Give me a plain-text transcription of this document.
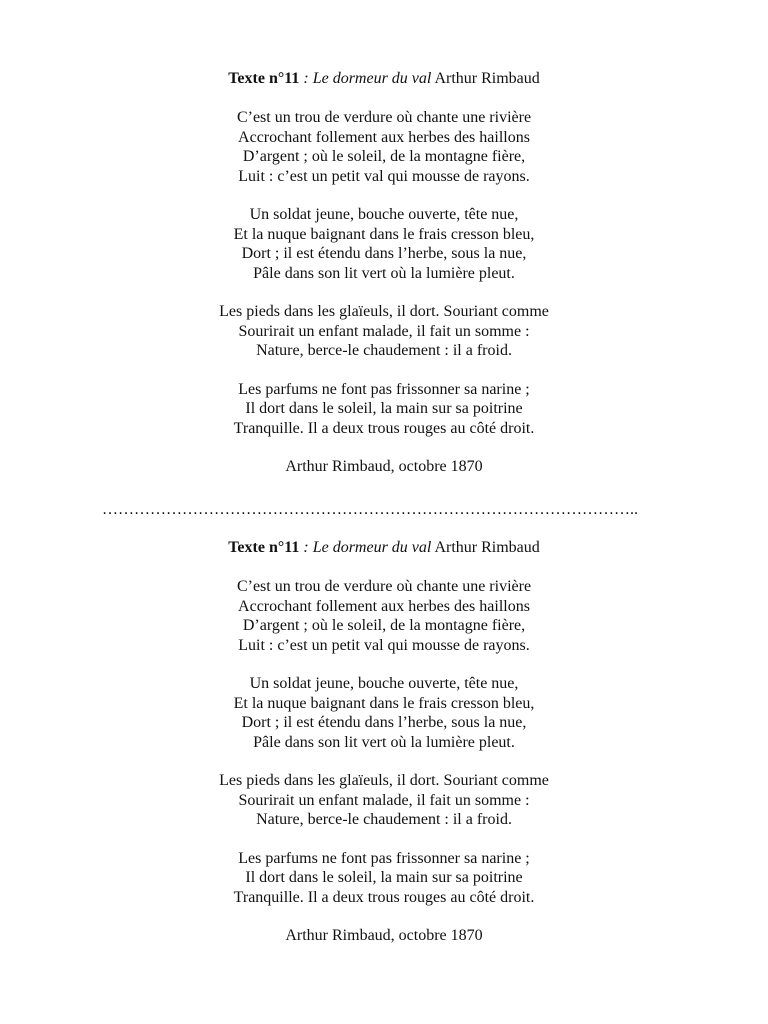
Texte n°11 : Le dormeur du val Arthur Rimbaud

C’est un trou de verdure où chante une rivière
Accrochant follement aux herbes des haillons
D’argent ; où le soleil, de la montagne fière,
Luit : c’est un petit val qui mousse de rayons.
Un soldat jeune, bouche ouverte, tête nue,
Et la nuque baignant dans le frais cresson bleu,
Dort ; il est étendu dans l’herbe, sous la nue,
Pâle dans son lit vert où la lumière pleut.
Les pieds dans les glaïeuls, il dort. Souriant comme
Sourirait un enfant malade, il fait un somme :
Nature, berce-le chaudement : il a froid.
Les parfums ne font pas frissonner sa narine ;
Il dort dans le soleil, la main sur sa poitrine
Tranquille. Il a deux trous rouges au côté droit.
Arthur Rimbaud, octobre 1870
………………………………………………………………………………………..

Texte n°11 : Le dormeur du val Arthur Rimbaud

C’est un trou de verdure où chante une rivière
Accrochant follement aux herbes des haillons
D’argent ; où le soleil, de la montagne fière,
Luit : c’est un petit val qui mousse de rayons.
Un soldat jeune, bouche ouverte, tête nue,
Et la nuque baignant dans le frais cresson bleu,
Dort ; il est étendu dans l’herbe, sous la nue,
Pâle dans son lit vert où la lumière pleut.
Les pieds dans les glaïeuls, il dort. Souriant comme
Sourirait un enfant malade, il fait un somme :
Nature, berce-le chaudement : il a froid.
Les parfums ne font pas frissonner sa narine ;
Il dort dans le soleil, la main sur sa poitrine
Tranquille. Il a deux trous rouges au côté droit.
Arthur Rimbaud, octobre 1870
